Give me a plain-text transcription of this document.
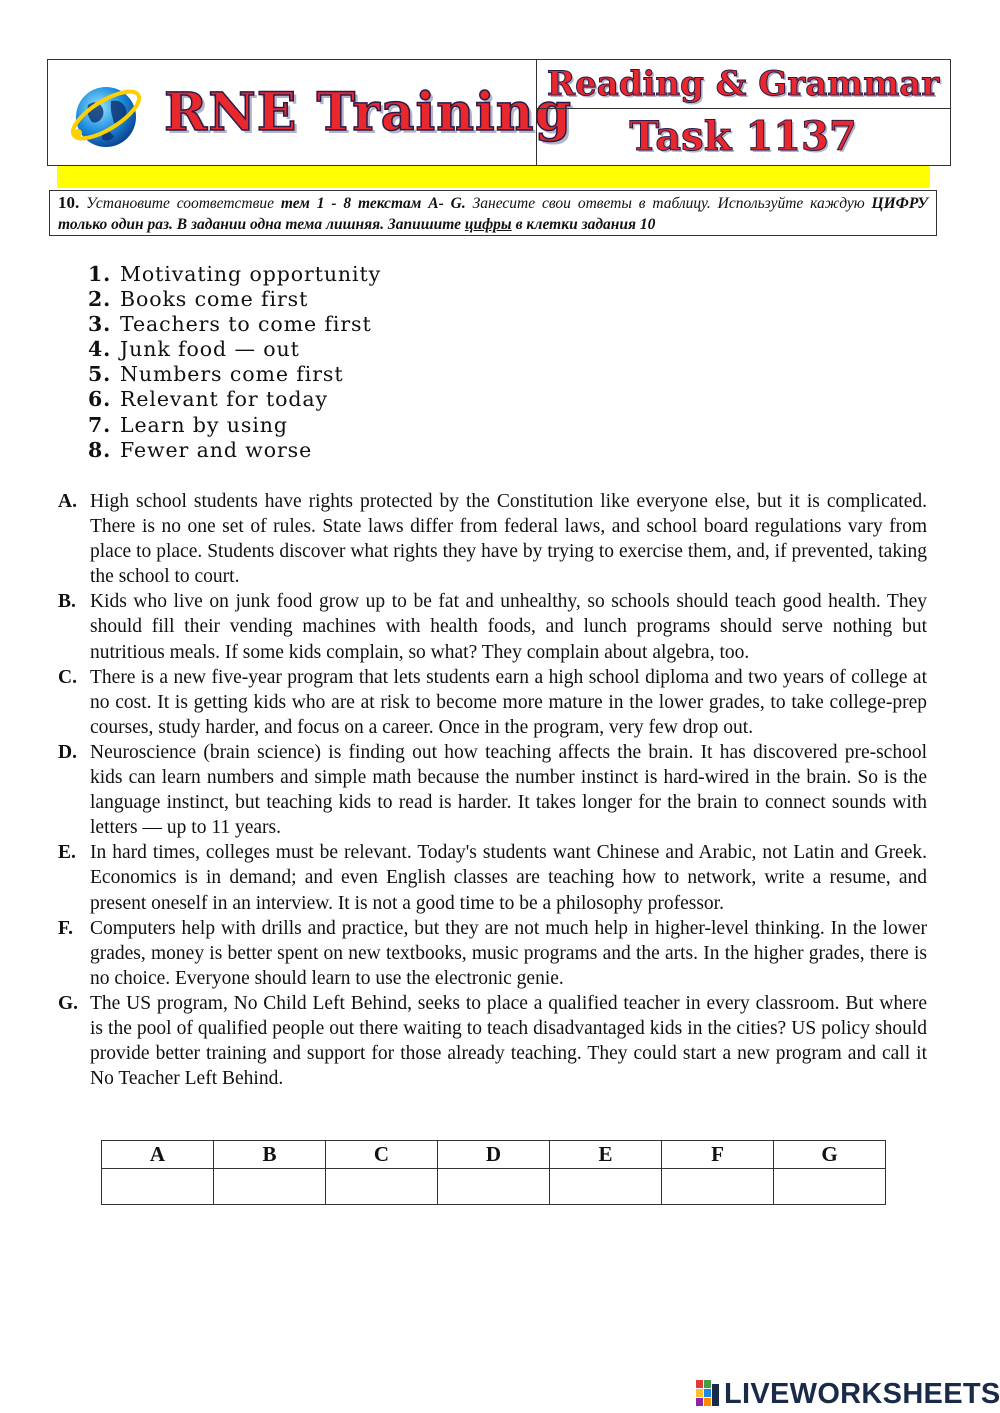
RNE Training
Reading & Grammar
Task 1137
10. Установите соответствие тем 1 - 8 текстам A- G. Занесите свои ответы в таблицу. Используйте каждую ЦИФРУ только один раз. В задании одна тема лишняя. Запишите цифры в клетки задания 10
1. Motivating opportunity
2. Books come first
3. Teachers to come first
4. Junk food — out
5. Numbers come first
6. Relevant for today
7. Learn by using
8. Fewer and worse
A. High school students have rights protected by the Constitution like everyone else, but it is complicated. There is no one set of rules. State laws differ from federal laws, and school board regulations vary from place to place. Students discover what rights they have by trying to exercise them, and, if prevented, taking the school to court.
B. Kids who live on junk food grow up to be fat and unhealthy, so schools should teach good health. They should fill their vending machines with health foods, and lunch programs should serve nothing but nutritious meals. If some kids complain, so what? They complain about algebra, too.
C. There is a new five-year program that lets students earn a high school diploma and two years of college at no cost. It is getting kids who are at risk to become more mature in the lower grades, to take college-prep courses, study harder, and focus on a career. Once in the program, very few drop out.
D. Neuroscience (brain science) is finding out how teaching affects the brain. It has discovered pre-school kids can learn numbers and simple math because the number instinct is hard-wired in the brain. So is the language instinct, but teaching kids to read is harder. It takes longer for the brain to connect sounds with letters — up to 11 years.
E. In hard times, colleges must be relevant. Today's students want Chinese and Arabic, not Latin and Greek. Economics is in demand; and even English classes are teaching how to network, write a resume, and present oneself in an interview. It is not a good time to be a philosophy professor.
F. Computers help with drills and practice, but they are not much help in higher-level thinking. In the lower grades, money is better spent on new textbooks, music programs and the arts. In the higher grades, there is no choice. Everyone should learn to use the electronic genie.
G. The US program, No Child Left Behind, seeks to place a qualified teacher in every classroom. But where is the pool of qualified people out there waiting to teach disadvantaged kids in the cities? US policy should provide better training and support for those already teaching. They could start a new program and call it No Teacher Left Behind.
A	B	C	D	E	F	G

LIVEWORKSHEETS
